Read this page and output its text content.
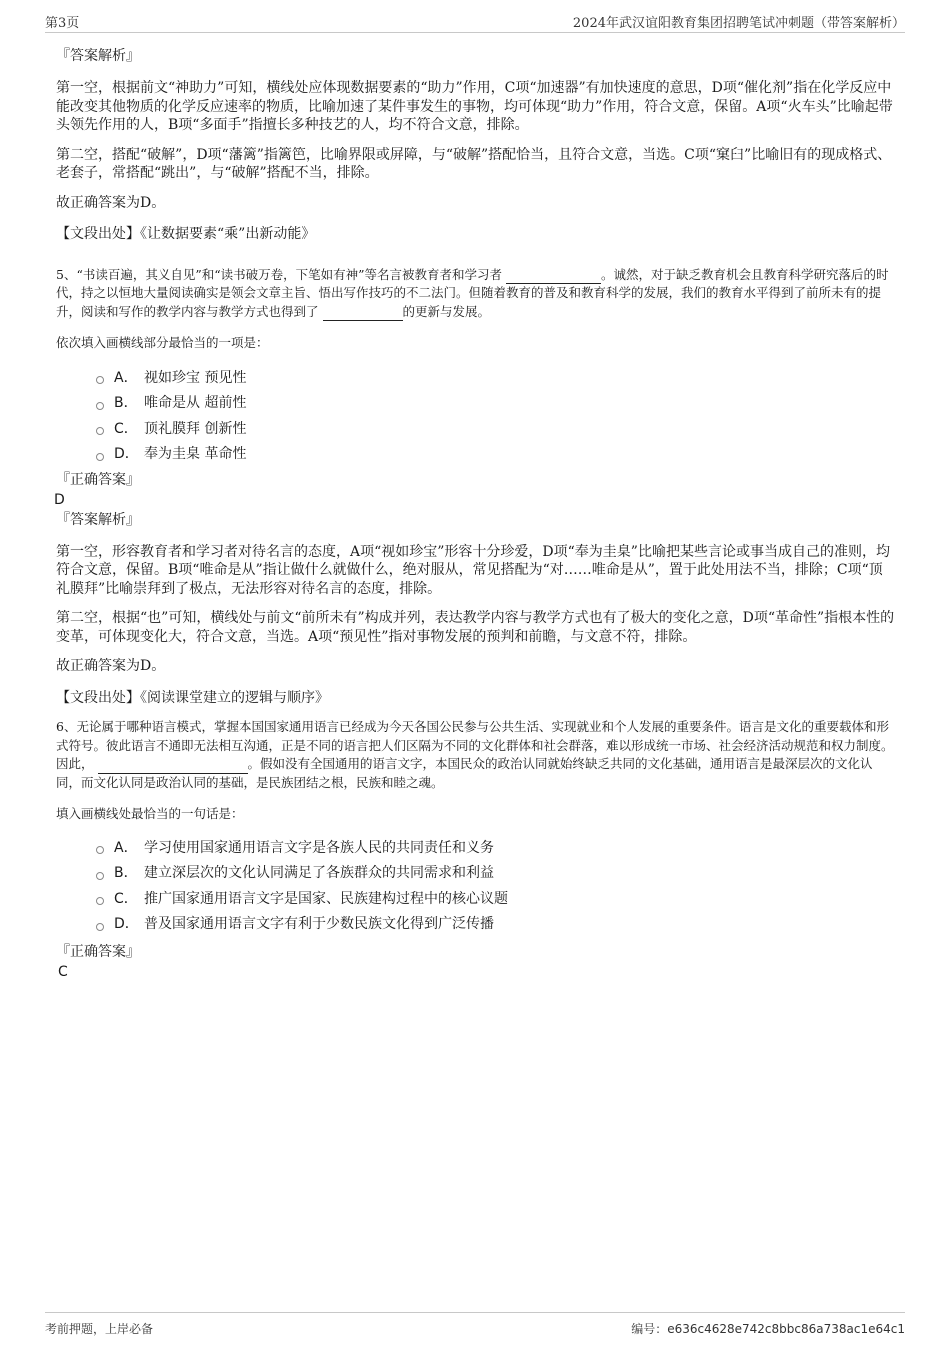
第3页	2024年武汉谊阳教育集团招聘笔试冲刺题（带答案解析）

『答案解析』

第一空，根据前文“神助力”可知，横线处应体现数据要素的“助力”作用，C项“加速器”有加快速度的意思，D项“催化剂”指在化学反应中能改变其他物质的化学反应速率的物质，比喻加速了某件事发生的事物，均可体现“助力”作用，符合文意，保留。A项“火车头”比喻起带头领先作用的人，B项“多面手”指擅长多种技艺的人，均不符合文意，排除。

第二空，搭配“破解”，D项“藩篱”指篱笆，比喻界限或屏障，与“破解”搭配恰当，且符合文意，当选。C项“窠臼”比喻旧有的现成格式、老套子，常搭配“跳出”，与“破解”搭配不当，排除。

故正确答案为D。

【文段出处】《让数据要素“乘”出新动能》

5、“书读百遍，其义自见”和“读书破万卷，下笔如有神”等名言被教育者和学习者	。诚然，对于缺乏教育机会且教育科学研究落后的时代，持之以恒地大量阅读确实是领会文章主旨、悟出写作技巧的不二法门。但随着教育的普及和教育科学的发展，我们的教育水平得到了前所未有的提升，阅读和写作的教学内容与教学方式也得到了	的更新与发展。

依次填入画横线部分最恰当的一项是：

A． 视如珍宝 预见性
B． 唯命是从 超前性
C． 顶礼膜拜 创新性
D． 奉为圭臬 革命性

『正确答案』

D

『答案解析』

第一空，形容教育者和学习者对待名言的态度，A项“视如珍宝”形容十分珍爱，D项“奉为圭臬”比喻把某些言论或事当成自己的准则，均符合文意，保留。B项“唯命是从”指让做什么就做什么，绝对服从，常见搭配为“对……唯命是从”，置于此处用法不当，排除；C项“顶礼膜拜”比喻崇拜到了极点，无法形容对待名言的态度，排除。

第二空，根据“也”可知，横线处与前文“前所未有”构成并列，表达教学内容与教学方式也有了极大的变化之意，D项“革命性”指根本性的变革，可体现变化大，符合文意，当选。A项“预见性”指对事物发展的预判和前瞻，与文意不符，排除。

故正确答案为D。

【文段出处】《阅读课堂建立的逻辑与顺序》

6、无论属于哪种语言模式，掌握本国国家通用语言已经成为今天各国公民参与公共生活、实现就业和个人发展的重要条件。语言是文化的重要载体和形式符号。彼此语言不通即无法相互沟通，正是不同的语言把人们区隔为不同的文化群体和社会群落，难以形成统一市场、社会经济活动规范和权力制度。因此，	。假如没有全国通用的语言文字，本国民众的政治认同就始终缺乏共同的文化基础，通用语言是最深层次的文化认同，而文化认同是政治认同的基础，是民族团结之根，民族和睦之魂。

填入画横线处最恰当的一句话是：

A． 学习使用国家通用语言文字是各族人民的共同责任和义务
B． 建立深层次的文化认同满足了各族群众的共同需求和利益
C． 推广国家通用语言文字是国家、民族建构过程中的核心议题
D． 普及国家通用语言文字有利于少数民族文化得到广泛传播

『正确答案』

C

考前押题，上岸必备	编号：e636c4628e742c8bbc86a738ac1e64c1
